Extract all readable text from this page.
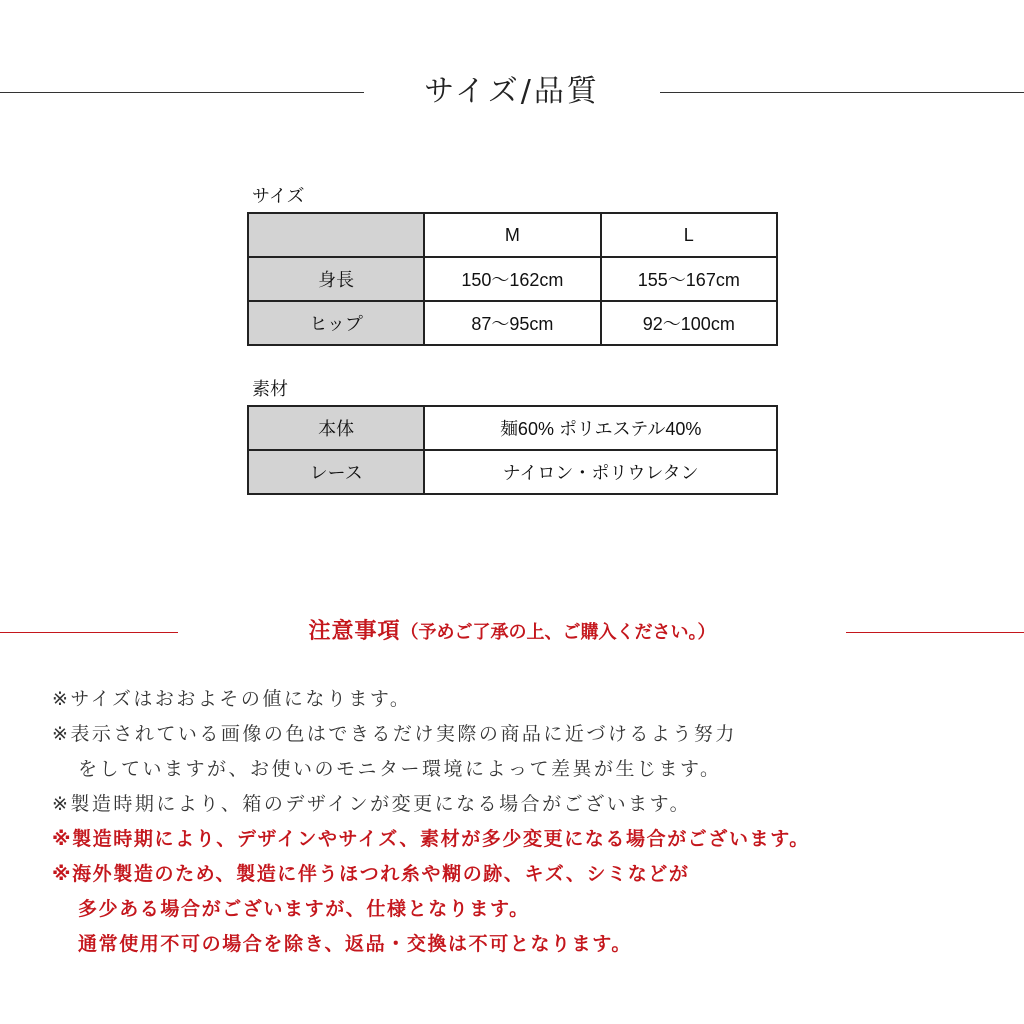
サイズ/品質
サイズ
	M	L
身長	150～162cm	155～167cm
ヒップ	87～95cm	92～100cm
素材
本体	麺60% ポリエステル40%
レース	ナイロン・ポリウレタン
注意事項（予めご了承の上、ご購入ください。）
※サイズはおおよその値になります。
※表示されている画像の色はできるだけ実際の商品に近づけるよう努力
をしていますが、お使いのモニター環境によって差異が生じます。
※製造時期により、箱のデザインが変更になる場合がございます。
※製造時期により、デザインやサイズ、素材が多少変更になる場合がございます。
※海外製造のため、製造に伴うほつれ糸や糊の跡、キズ、シミなどが
多少ある場合がございますが、仕様となります。
通常使用不可の場合を除き、返品・交換は不可となります。
